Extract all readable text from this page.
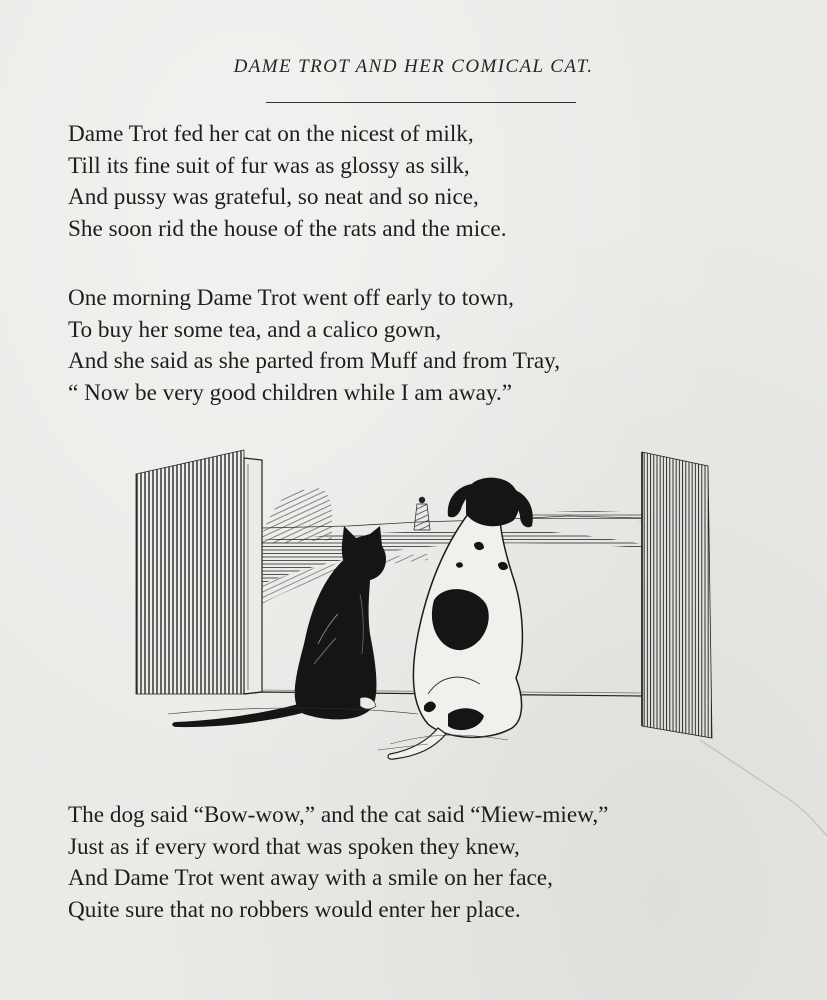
DAME TROT AND HER COMICAL CAT.
Dame Trot fed her cat on the nicest of milk,
Till its fine suit of fur was as glossy as silk,
And pussy was grateful, so neat and so nice,
She soon rid the house of the rats and the mice.
One morning Dame Trot went off early to town,
To buy her some tea, and a calico gown,
And she said as she parted from Muff and from Tray,
“ Now be very good children while I am away.”
The dog said “Bow-wow,” and the cat said “Miew-miew,”
Just as if every word that was spoken they knew,
And Dame Trot went away with a smile on her face,
Quite sure that no robbers would enter her place.
